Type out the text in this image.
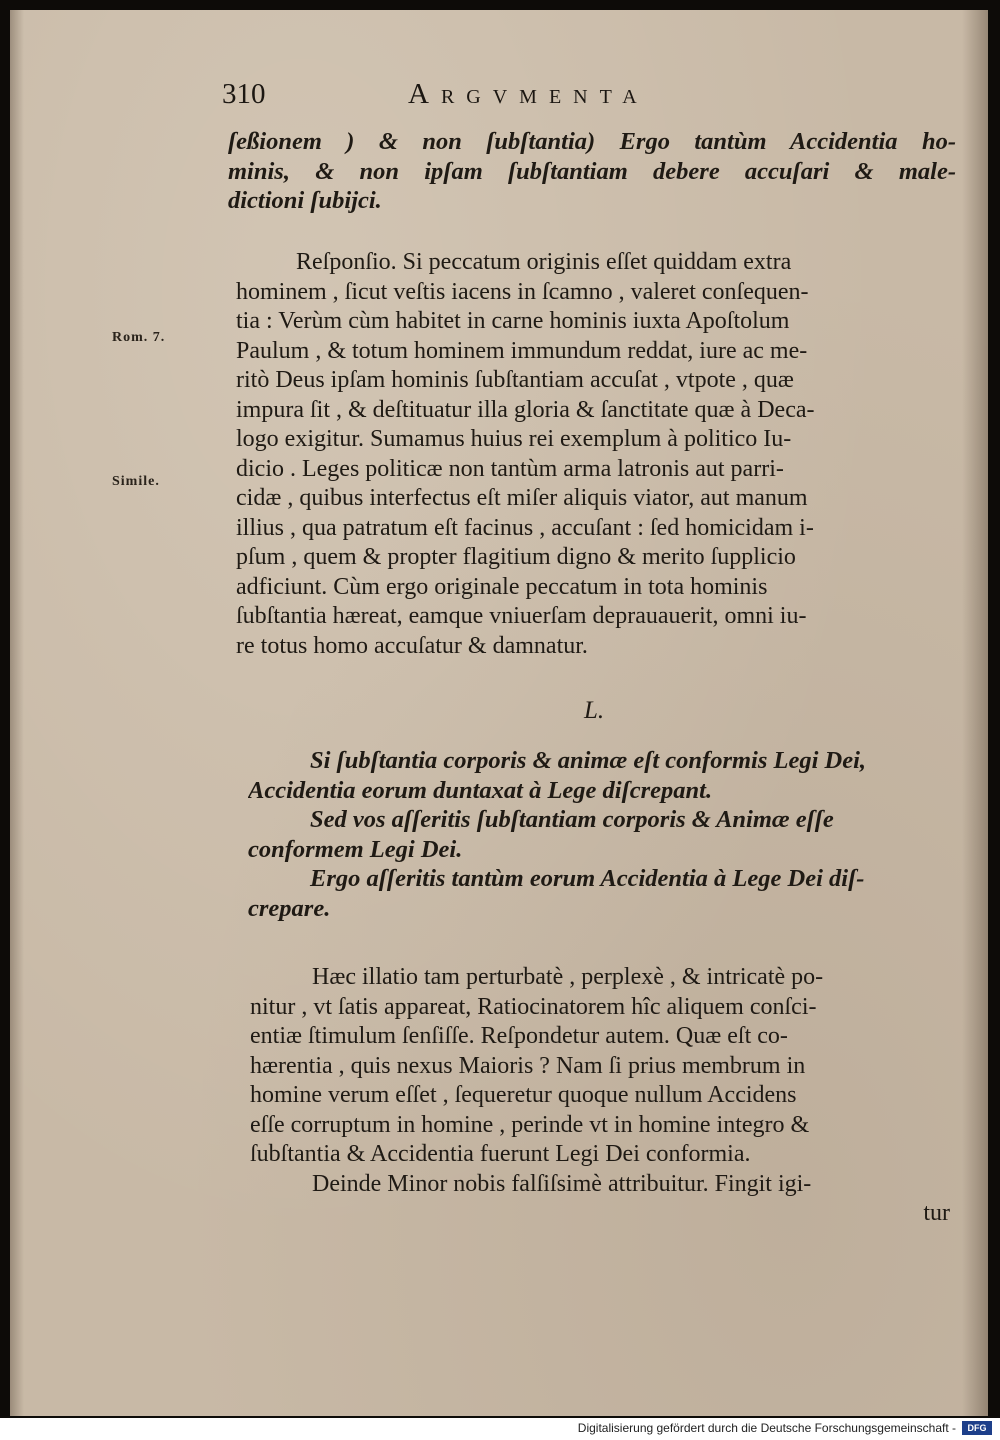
310	Argvmenta
ſeßionem ) & non ſubſtantia) Ergo tantùm Accidentia ho-
minis, & non ipſam ſubſtantiam debere accuſari & male-
dictioni ſubijci.
Rom. 7.
Simile.
Reſponſio. Si peccatum originis eſſet quiddam extra
hominem , ſicut veſtis iacens in ſcamno , valeret conſequen-
tia : Verùm cùm habitet in carne hominis iuxta Apoſtolum
Paulum , & totum hominem immundum reddat, iure ac me-
ritò Deus ipſam hominis ſubſtantiam accuſat , vtpote , quæ
impura ſit , & deſtituatur illa gloria & ſanctitate quæ à Deca-
logo exigitur. Sumamus huius rei exemplum à politico Iu-
dicio . Leges politicæ non tantùm arma latronis aut parri-
cidæ , quibus interfectus eſt miſer aliquis viator, aut manum
illius , qua patratum eſt facinus , accuſant : ſed homicidam i-
pſum , quem & propter flagitium digno & merito ſupplicio
adficiunt. Cùm ergo originale peccatum in tota hominis
ſubſtantia hæreat, eamque vniuerſam deprauauerit, omni iu-
re totus homo accuſatur & damnatur.
L.
Si ſubſtantia corporis & animæ eſt conformis Legi Dei,
Accidentia eorum duntaxat à Lege diſcrepant.
Sed vos aſſeritis ſubſtantiam corporis & Animæ eſſe
conformem Legi Dei.
Ergo aſſeritis tantùm eorum Accidentia à Lege Dei diſ-
crepare.
Hæc illatio tam perturbatè , perplexè , & intricatè po-
nitur , vt ſatis appareat, Ratiocinatorem hîc aliquem conſci-
entiæ ſtimulum ſenſiſſe. Reſpondetur autem. Quæ eſt co-
hærentia , quis nexus Maioris ? Nam ſi prius membrum in
homine verum eſſet , ſequeretur quoque nullum Accidens
eſſe corruptum in homine , perinde vt in homine integro &
ſubſtantia & Accidentia fuerunt Legi Dei conformia.
Deinde Minor nobis falſiſsimè attribuitur. Fingit igi-
tur
Digitalisierung gefördert durch die Deutsche Forschungsgemeinschaft -	DFG
